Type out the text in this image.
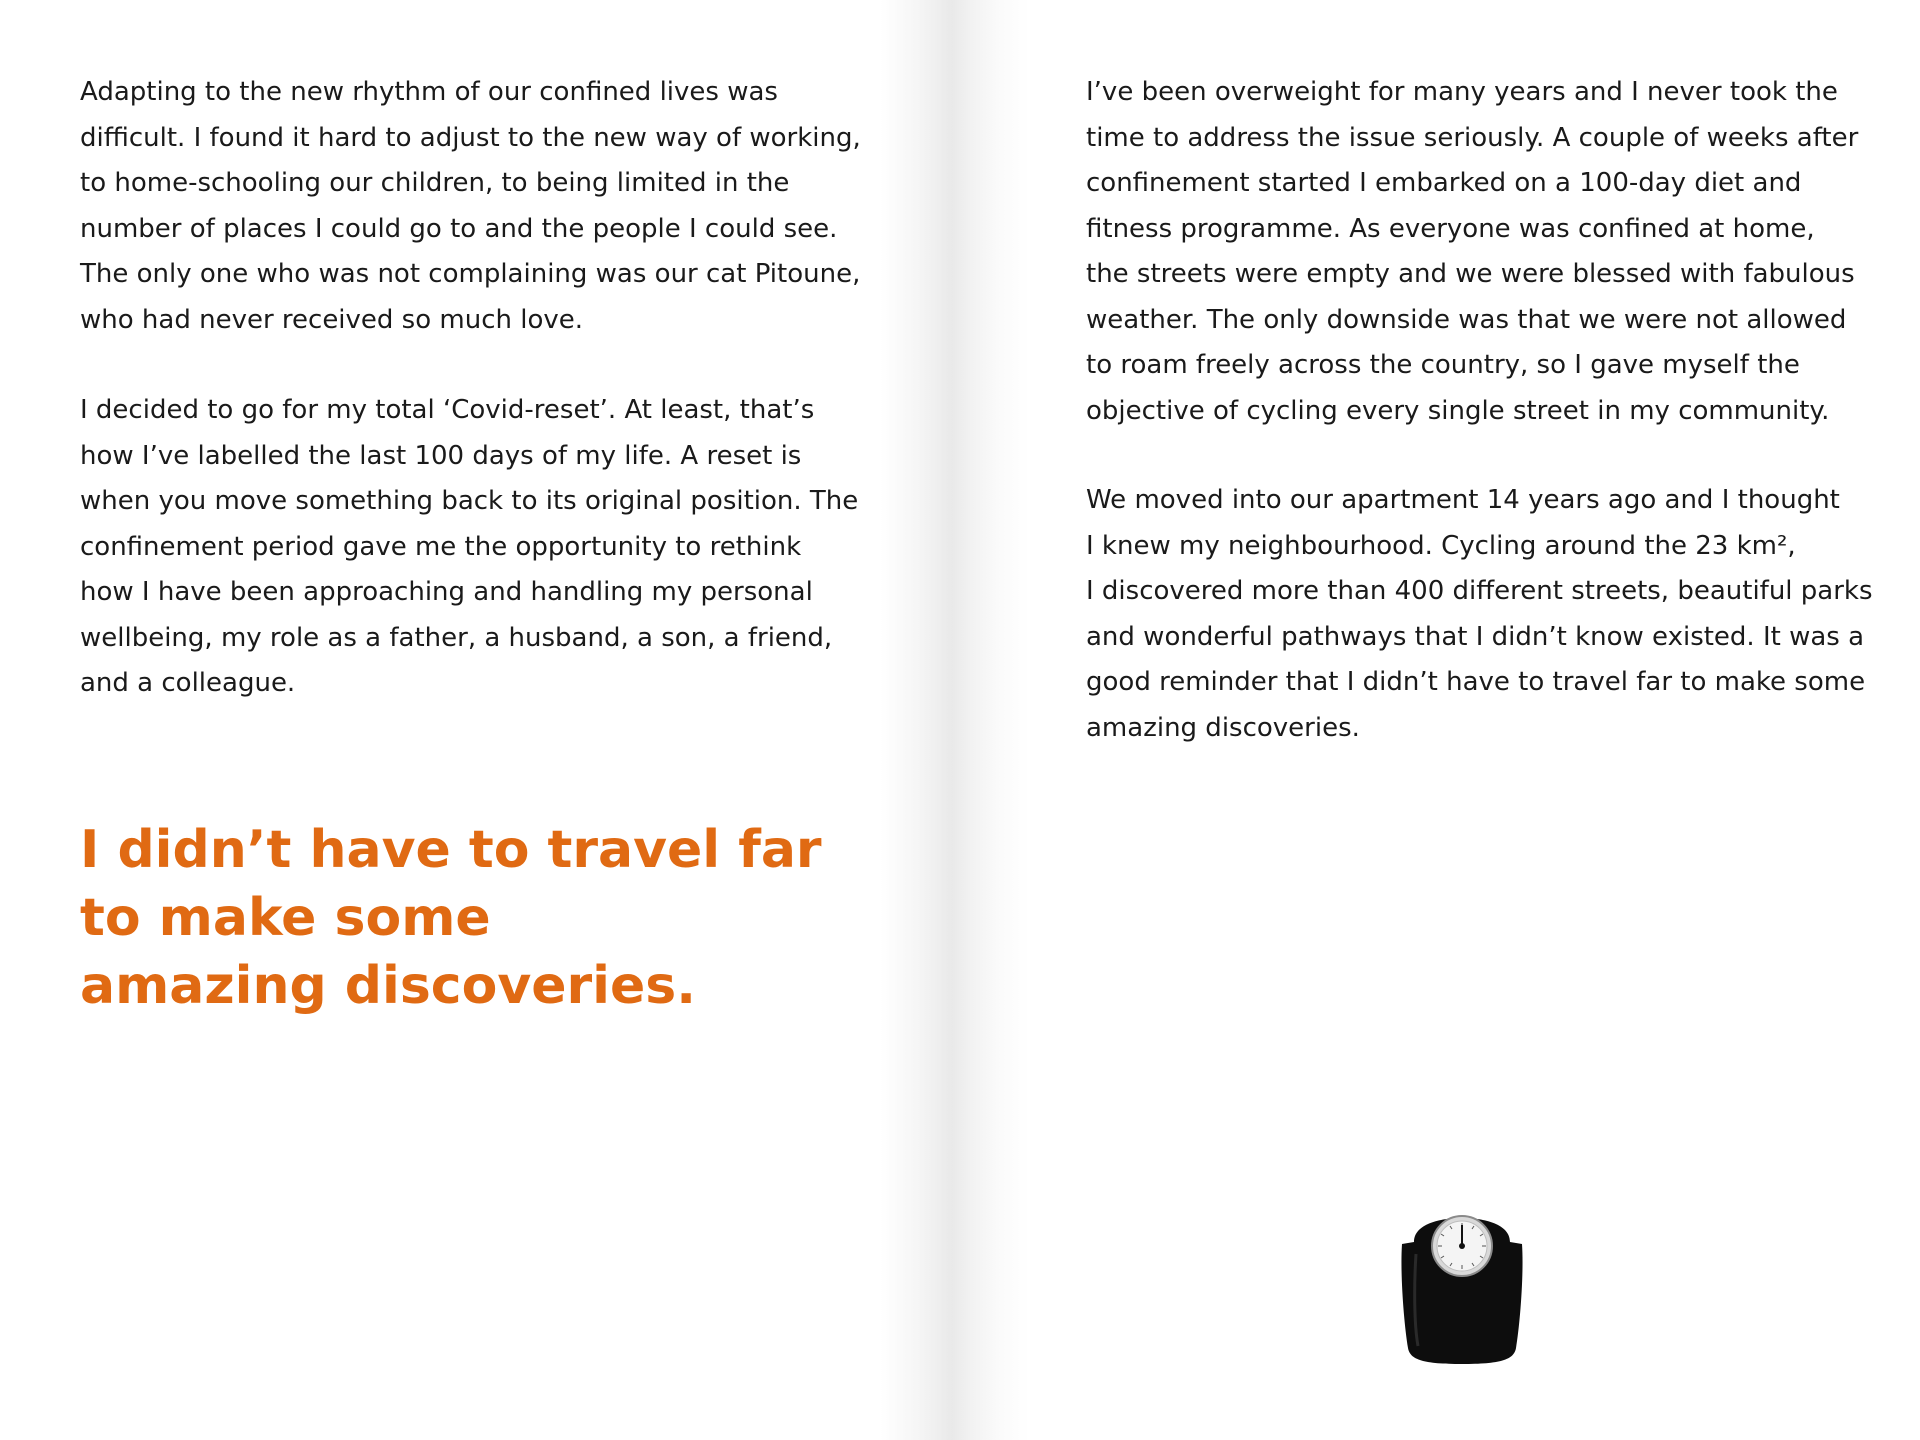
Adapting to the new rhythm of our confined lives was
difficult. I found it hard to adjust to the new way of working,
to home-schooling our children, to being limited in the
number of places I could go to and the people I could see.
The only one who was not complaining was our cat Pitoune,
who had never received so much love.

I decided to go for my total ‘Covid-reset’. At least, that’s
how I’ve labelled the last 100 days of my life. A reset is
when you move something back to its original position. The
confinement period gave me the opportunity to rethink
how I have been approaching and handling my personal
wellbeing, my role as a father, a husband, a son, a friend,
and a colleague.

I didn’t have to travel far
to make some
amazing discoveries.

I’ve been overweight for many years and I never took the
time to address the issue seriously. A couple of weeks after
confinement started I embarked on a 100-day diet and
fitness programme. As everyone was confined at home,
the streets were empty and we were blessed with fabulous
weather. The only downside was that we were not allowed
to roam freely across the country, so I gave myself the
objective of cycling every single street in my community.

We moved into our apartment 14 years ago and I thought
I knew my neighbourhood. Cycling around the 23 km²,
I discovered more than 400 different streets, beautiful parks
and wonderful pathways that I didn’t know existed. It was a
good reminder that I didn’t have to travel far to make some
amazing discoveries.
